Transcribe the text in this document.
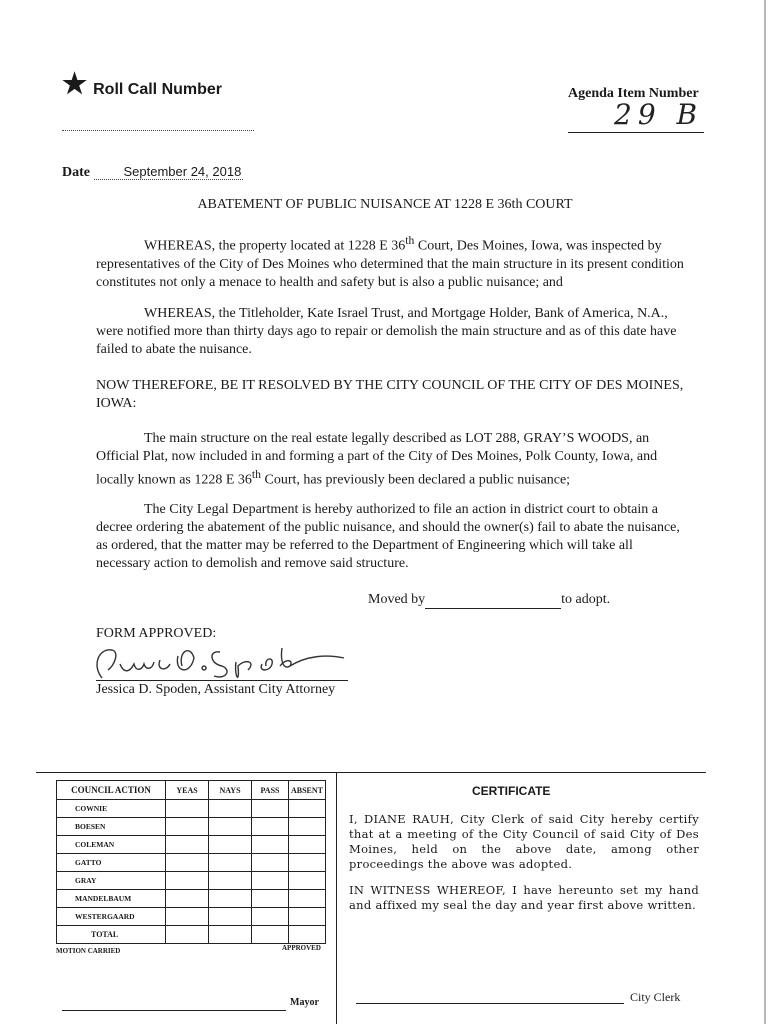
★ Roll Call Number	Agenda Item Number
29 B
Date	September 24, 2018
ABATEMENT OF PUBLIC NUISANCE AT 1228 E 36th COURT
WHEREAS, the property located at 1228 E 36th Court, Des Moines, Iowa, was inspected by representatives of the City of Des Moines who determined that the main structure in its present condition constitutes not only a menace to health and safety but is also a public nuisance; and
WHEREAS, the Titleholder, Kate Israel Trust, and Mortgage Holder, Bank of America, N.A., were notified more than thirty days ago to repair or demolish the main structure and as of this date have failed to abate the nuisance.
NOW THEREFORE, BE IT RESOLVED BY THE CITY COUNCIL OF THE CITY OF DES MOINES, IOWA:
The main structure on the real estate legally described as LOT 288, GRAY’S WOODS, an Official Plat, now included in and forming a part of the City of Des Moines, Polk County, Iowa, and locally known as 1228 E 36th Court, has previously been declared a public nuisance;
The City Legal Department is hereby authorized to file an action in district court to obtain a decree ordering the abatement of the public nuisance, and should the owner(s) fail to abate the nuisance, as ordered, that the matter may be referred to the Department of Engineering which will take all necessary action to demolish and remove said structure.
Moved by	to adopt.
FORM APPROVED:
Jessica D. Spoden, Assistant City Attorney
COUNCIL ACTION	YEAS	NAYS	PASS	ABSENT
COWNIE				
BOESEN				
COLEMAN				
GATTO				
GRAY				
MANDELBAUM				
WESTERGAARD				
TOTAL				
MOTION CARRIED	APPROVED
Mayor
CERTIFICATE
I, DIANE RAUH, City Clerk of said City hereby certify that at a meeting of the City Council of said City of Des Moines, held on the above date, among other proceedings the above was adopted.
IN WITNESS WHEREOF, I have hereunto set my hand and affixed my seal the day and year first above written.
City Clerk
